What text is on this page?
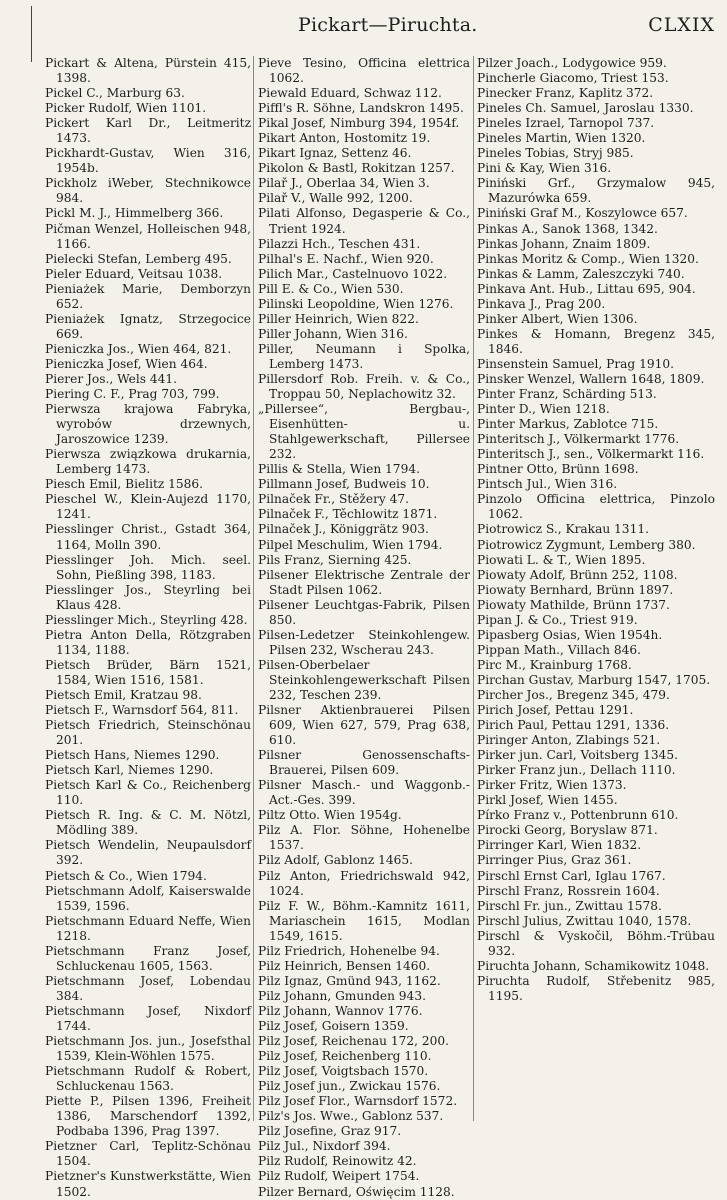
Pickart—Piruchta.	CLXIX

Pickart & Altena, Pürstein 415, 1398.

Pickel C., Marburg 63.

Picker Rudolf, Wien 1101.

Pickert Karl Dr., Leitmeritz 1473.

Pickhardt-Gustav, Wien 316, 1954b.

Pickholz iWeber, Stechnikowce 984.

Pickl M. J., Himmelberg 366.

Pičman Wenzel, Holleischen 948, 1166.

Pielecki Stefan, Lemberg 495.

Pieler Eduard, Veitsau 1038.

Pieniażek Marie, Demborzyn 652.

Pieniażek Ignatz, Strzegocice 669.

Pieniczka Jos., Wien 464, 821.

Pieniczka Josef, Wien 464.

Pierer Jos., Wels 441.

Piering C. F., Prag 703, 799.

Pierwsza krajowa Fabryka, wyrobów drzewnych, Jaroszowice 1239.

Pierwsza związkowa drukarnia, Lemberg 1473.

Piesch Emil, Bielitz 1586.

Pieschel W., Klein-Aujezd 1170, 1241.

Piesslinger Christ., Gstadt 364, 1164, Molln 390.

Piesslinger Joh. Mich. seel. Sohn, Pießling 398, 1183.

Piesslinger Jos., Steyrling bei Klaus 428.

Piesslinger Mich., Steyrling 428.

Pietra Anton Della, Rötzgraben 1134, 1188.

Pietsch Brüder, Bärn 1521, 1584, Wien 1516, 1581.

Pietsch Emil, Kratzau 98.

Pietsch F., Warnsdorf 564, 811.

Pietsch Friedrich, Steinschönau 201.

Pietsch Hans, Niemes 1290.

Pietsch Karl, Niemes 1290.

Pietsch Karl & Co., Reichenberg 110.

Pietsch R. Ing. & C. M. Nötzl, Mödling 389.

Pietsch Wendelin, Neupaulsdorf 392.

Pietsch & Co., Wien 1794.

Pietschmann Adolf, Kaiserswalde 1539, 1596.

Pietschmann Eduard Neffe, Wien 1218.

Pietschmann Franz Josef, Schluckenau 1605, 1563.

Pietschmann Josef, Lobendau 384.

Pietschmann Josef, Nixdorf 1744.

Pietschmann Jos. jun., Josefsthal 1539, Klein-Wöhlen 1575.

Pietschmann Rudolf & Robert, Schluckenau 1563.

Piette P., Pilsen 1396, Freiheit 1386, Marschendorf 1392, Podbaba 1396, Prag 1397.

Pietzner Carl, Teplitz-Schönau 1504.

Pietzner's Kunstwerkstätte, Wien 1502.

Pieve Tesino, Officina elettrica 1062.

Piewald Eduard, Schwaz 112.

Piffl's R. Söhne, Landskron 1495.

Pikal Josef, Nimburg 394, 1954f.

Pikart Anton, Hostomitz 19.

Pikart Ignaz, Settenz 46.

Pikolon & Bastl, Rokitzan 1257.

Pilař J., Oberlaa 34, Wien 3.

Pilař V., Walle 992, 1200.

Pilati Alfonso, Degasperie & Co., Trient 1924.

Pilazzi Hch., Teschen 431.

Pilhal's E. Nachf., Wien 920.

Pilich Mar., Castelnuovo 1022.

Pill E. & Co., Wien 530.

Pilinski Leopoldine, Wien 1276.

Piller Heinrich, Wien 822.

Piller Johann, Wien 316.

Piller, Neumann i Spolka, Lemberg 1473.

Pillersdorf Rob. Freih. v. & Co., Troppau 50, Neplachowitz 32.

„Pillersee“, Bergbau-, Eisenhütten- u. Stahlgewerkschaft, Pillersee 232.

Pillis & Stella, Wien 1794.

Pillmann Josef, Budweis 10.

Pilnaček Fr., Stěžery 47.

Pilnaček F., Těchlowitz 1871.

Pilnaček J., Königgrätz 903.

Pilpel Meschulim, Wien 1794.

Pils Franz, Sierning 425.

Pilsener Elektrische Zentrale der Stadt Pilsen 1062.

Pilsener Leuchtgas-Fabrik, Pilsen 850.

Pilsen-Ledetzer Steinkohlengew. Pilsen 232, Wscherau 243.

Pilsen-Oberbelaer Steinkohlengewerkschaft Pilsen 232, Teschen 239.

Pilsner Aktienbrauerei Pilsen 609, Wien 627, 579, Prag 638, 610.

Pilsner Genossenschafts-Brauerei, Pilsen 609.

Pilsner Masch.- und Waggonb.-Act.-Ges. 399.

Piltz Otto. Wien 1954g.

Pilz A. Flor. Söhne, Hohenelbe 1537.

Pilz Adolf, Gablonz 1465.

Pilz Anton, Friedrichswald 942, 1024.

Pilz F. W., Böhm.-Kamnitz 1611, Mariaschein 1615, Modlan 1549, 1615.

Pilz Friedrich, Hohenelbe 94.

Pilz Heinrich, Bensen 1460.

Pilz Ignaz, Gmünd 943, 1162.

Pilz Johann, Gmunden 943.

Pilz Johann, Wannov 1776.

Pilz Josef, Goisern 1359.

Pilz Josef, Reichenau 172, 200.

Pilz Josef, Reichenberg 110.

Pilz Josef, Voigtsbach 1570.

Pilz Josef jun., Zwickau 1576.

Pilz Josef Flor., Warnsdorf 1572.

Pilz's Jos. Wwe., Gablonz 537.

Pilz Josefine, Graz 917.

Pilz Jul., Nixdorf 394.

Pilz Rudolf, Reinowitz 42.

Pilz Rudolf, Weipert 1754.

Pilzer Bernard, Oświęcim 1128.

Pilzer Joach., Lodygowice 959.

Pincherle Giacomo, Triest 153.

Pinecker Franz, Kaplitz 372.

Pineles Ch. Samuel, Jaroslau 1330.

Pineles Izrael, Tarnopol 737.

Pineles Martin, Wien 1320.

Pineles Tobias, Stryj 985.

Pini & Kay, Wien 316.

Piniński Grf., Grzymalow 945, Mazurówka 659.

Piniński Graf M., Koszylowce 657.

Pinkas A., Sanok 1368, 1342.

Pinkas Johann, Znaim 1809.

Pinkas Moritz & Comp., Wien 1320.

Pinkas & Lamm, Zaleszczyki 740.

Pinkava Ant. Hub., Littau 695, 904.

Pinkava J., Prag 200.

Pinker Albert, Wien 1306.

Pinkes & Homann, Bregenz 345, 1846.

Pinsenstein Samuel, Prag 1910.

Pinsker Wenzel, Wallern 1648, 1809.

Pinter Franz, Schärding 513.

Pinter D., Wien 1218.

Pinter Markus, Zablotce 715.

Pinteritsch J., Völkermarkt 1776.

Pinteritsch J., sen., Völkermarkt 116.

Pintner Otto, Brünn 1698.

Pintsch Jul., Wien 316.

Pinzolo Officina elettrica, Pinzolo 1062.

Piotrowicz S., Krakau 1311.

Piotrowicz Zygmunt, Lemberg 380.

Piowati L. & T., Wien 1895.

Piowaty Adolf, Brünn 252, 1108.

Piowaty Bernhard, Brünn 1897.

Piowaty Mathilde, Brünn 1737.

Pipan J. & Co., Triest 919.

Pipasberg Osias, Wien 1954h.

Pippan Math., Villach 846.

Pirc M., Krainburg 1768.

Pirchan Gustav, Marburg 1547, 1705.

Pircher Jos., Bregenz 345, 479.

Pirich Josef, Pettau 1291.

Pirich Paul, Pettau 1291, 1336.

Piringer Anton, Zlabings 521.

Pirker jun. Carl, Voitsberg 1345.

Pirker Franz jun., Dellach 1110.

Pirker Fritz, Wien 1373.

Pirkl Josef, Wien 1455.

Pírko Franz v., Pottenbrunn 610.

Pirocki Georg, Boryslaw 871.

Pirringer Karl, Wien 1832.

Pirringer Pius, Graz 361.

Pirschl Ernst Carl, Iglau 1767.

Pirschl Franz, Rossrein 1604.

Pirschl Fr. jun., Zwittau 1578.

Pirschl Julius, Zwittau 1040, 1578.

Pirschl & Vyskočil, Böhm.-Trübau 932.

Piruchta Johann, Schamikowitz 1048.

Piruchta Rudolf, Střebenitz 985, 1195.
